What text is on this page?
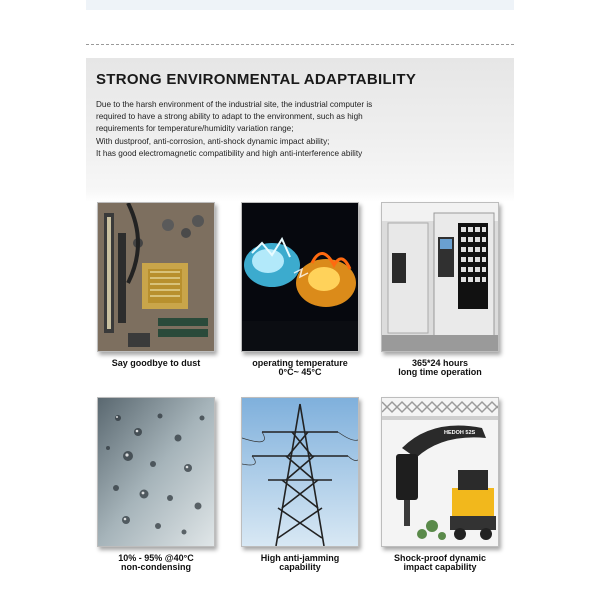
STRONG ENVIRONMENTAL ADAPTABILITY
Due to the harsh environment of the industrial site, the industrial computer is
required to have a strong ability to adapt to the environment, such as high
requirements for temperature/humidity variation range;
With dustproof, anti-corrosion, anti-shock dynamic impact ability;
It has good electromagnetic compatibility and high anti-interference ability
Say goodbye to dust	operating temperature
0°C~ 45°C
365*24 hours
long time operation
10% - 95% @40°C
non-condensing
High anti-jamming
capability
HEDOH 52S
Shock-proof dynamic
impact capability
